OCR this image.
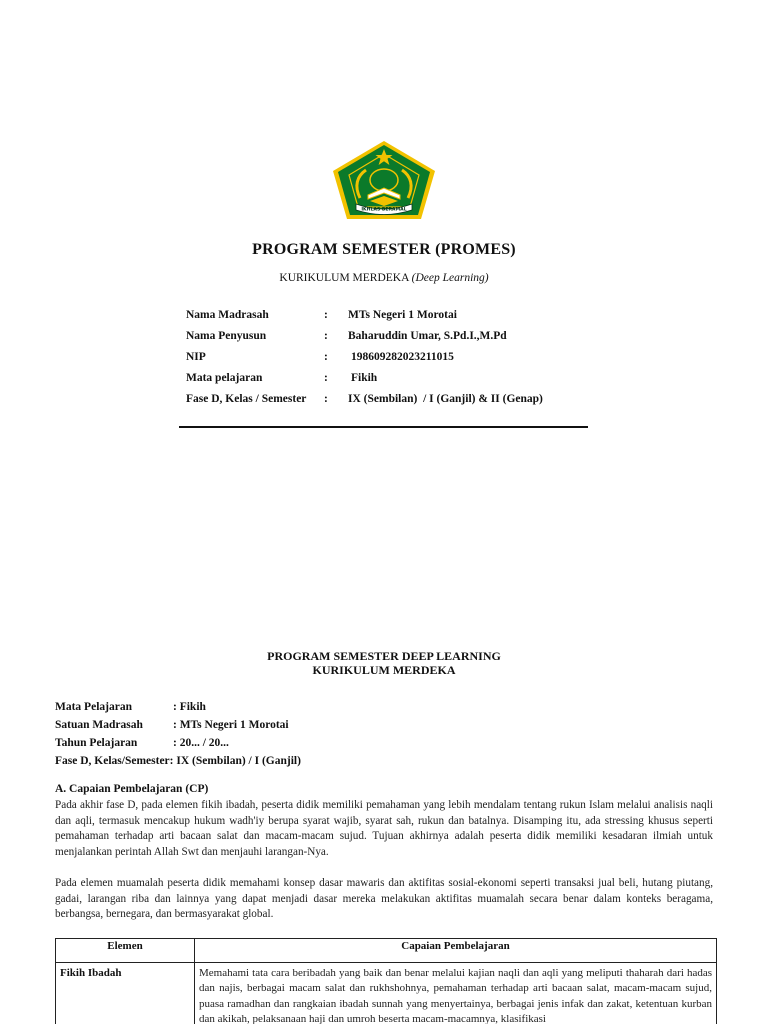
IKHLAS BERAMAL
PROGRAM SEMESTER (PROMES)
KURIKULUM MERDEKA (Deep Learning)
Nama Madrasah	:	MTs Negeri 1 Morotai
Nama Penyusun	:	Baharuddin Umar, S.Pd.I.,M.Pd
NIP	:	198609282023211015
Mata pelajaran	:	Fikih
Fase D, Kelas / Semester	:	IX (Sembilan)  / I (Ganjil) & II (Genap)
PROGRAM SEMESTER DEEP LEARNING
KURIKULUM MERDEKA
Mata Pelajaran	: Fikih
Satuan Madrasah	: MTs Negeri 1 Morotai
Tahun Pelajaran	: 20... / 20...
Fase D, Kelas/Semester : IX (Sembilan) / I (Ganjil)
A. Capaian Pembelajaran (CP)
Pada akhir fase D, pada elemen fikih ibadah, peserta didik memiliki pemahaman yang lebih mendalam tentang rukun Islam melalui analisis naqli dan aqli, termasuk mencakup hukum wadh'iy berupa syarat wajib, syarat sah, rukun dan batalnya. Disamping itu, ada stressing khusus seperti pemahaman terhadap arti bacaan salat dan macam-macam sujud. Tujuan akhirnya adalah peserta didik memiliki kesadaran ilmiah untuk menjalankan perintah Allah Swt dan menjauhi larangan-Nya.
Pada elemen muamalah peserta didik memahami konsep dasar mawaris dan aktifitas sosial-ekonomi seperti transaksi jual beli, hutang piutang, gadai, larangan riba dan lainnya yang dapat menjadi dasar mereka melakukan aktifitas muamalah secara benar dalam konteks beragama, berbangsa, bernegara, dan bermasyarakat global.
Elemen	Capaian Pembelajaran
Fikih Ibadah	Memahami tata cara beribadah yang baik dan benar melalui kajian naqli dan aqli yang meliputi thaharah dari hadas dan najis, berbagai macam salat dan rukhshohnya, pemahaman terhadap arti bacaan salat, macam-macam sujud, puasa ramadhan dan rangkaian ibadah sunnah yang menyertainya, berbagai jenis infak dan zakat, ketentuan kurban dan akikah, pelaksanaan haji dan umroh beserta macam-macamnya, klasifikasi
